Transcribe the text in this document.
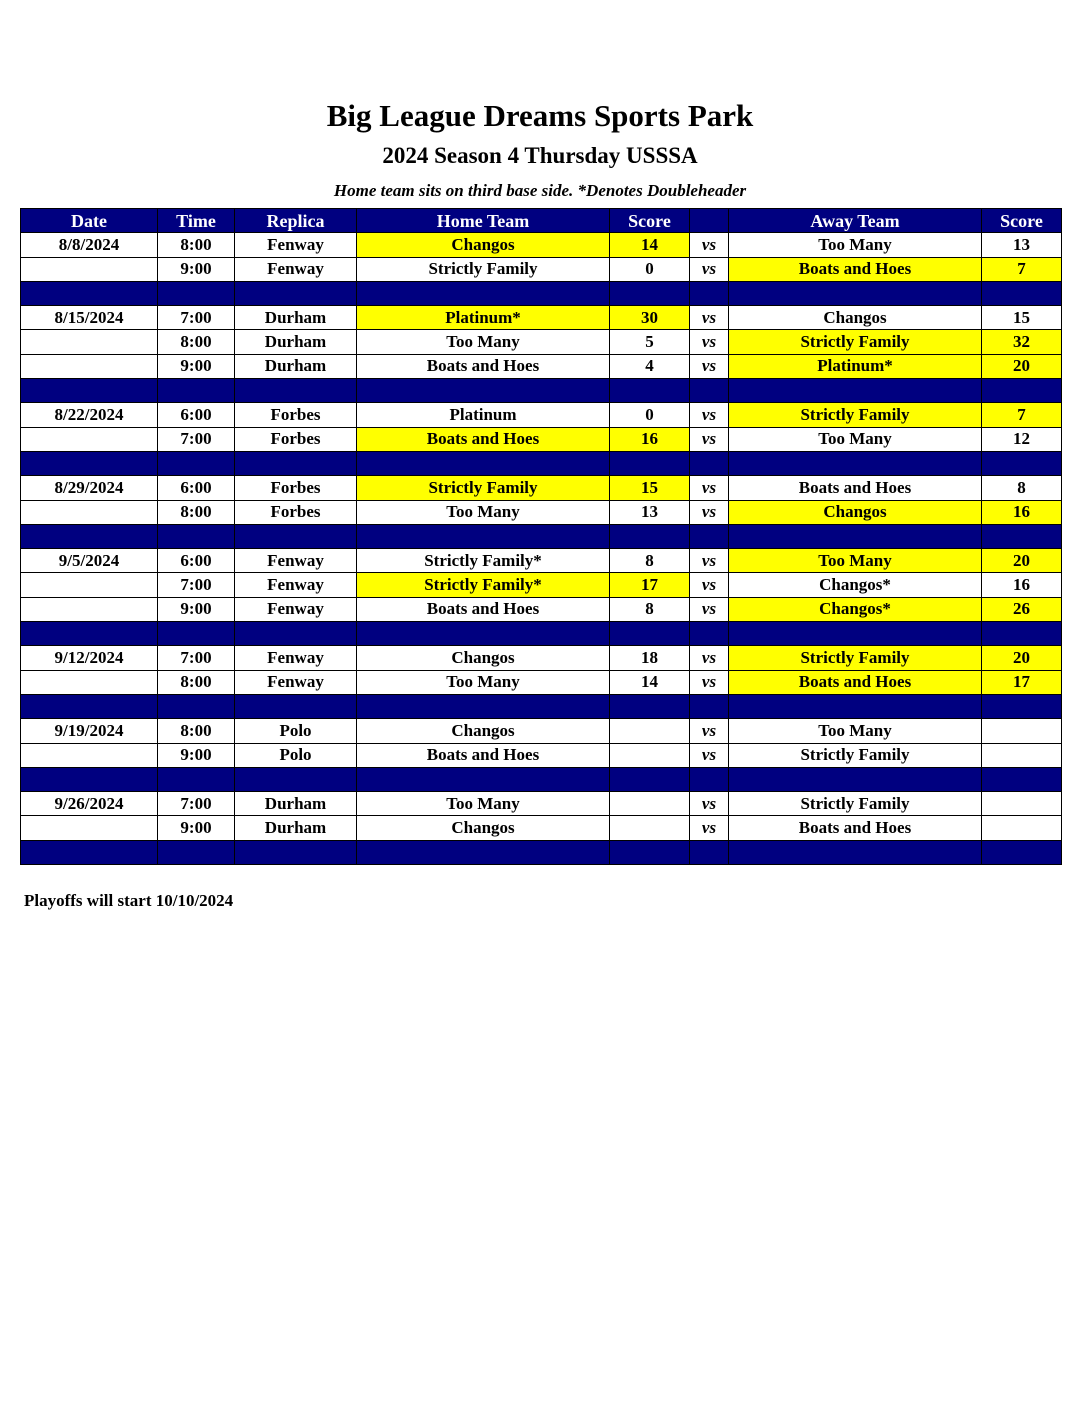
Big League Dreams Sports Park
2024 Season 4 Thursday USSSA
Home team sits on third base side. *Denotes Doubleheader
Date	Time	Replica	Home Team	Score		Away Team	Score
8/8/2024	8:00	Fenway	Changos	14	vs	Too Many	13
	9:00	Fenway	Strictly Family	0	vs	Boats and Hoes	7

8/15/2024	7:00	Durham	Platinum*	30	vs	Changos	15
	8:00	Durham	Too Many	5	vs	Strictly Family	32
	9:00	Durham	Boats and Hoes	4	vs	Platinum*	20

8/22/2024	6:00	Forbes	Platinum	0	vs	Strictly Family	7
	7:00	Forbes	Boats and Hoes	16	vs	Too Many	12

8/29/2024	6:00	Forbes	Strictly Family	15	vs	Boats and Hoes	8
	8:00	Forbes	Too Many	13	vs	Changos	16

9/5/2024	6:00	Fenway	Strictly Family*	8	vs	Too Many	20
	7:00	Fenway	Strictly Family*	17	vs	Changos*	16
	9:00	Fenway	Boats and Hoes	8	vs	Changos*	26

9/12/2024	7:00	Fenway	Changos	18	vs	Strictly Family	20
	8:00	Fenway	Too Many	14	vs	Boats and Hoes	17

9/19/2024	8:00	Polo	Changos		vs	Too Many	
	9:00	Polo	Boats and Hoes		vs	Strictly Family	

9/26/2024	7:00	Durham	Too Many		vs	Strictly Family	
	9:00	Durham	Changos		vs	Boats and Hoes	

Playoffs will start 10/10/2024
